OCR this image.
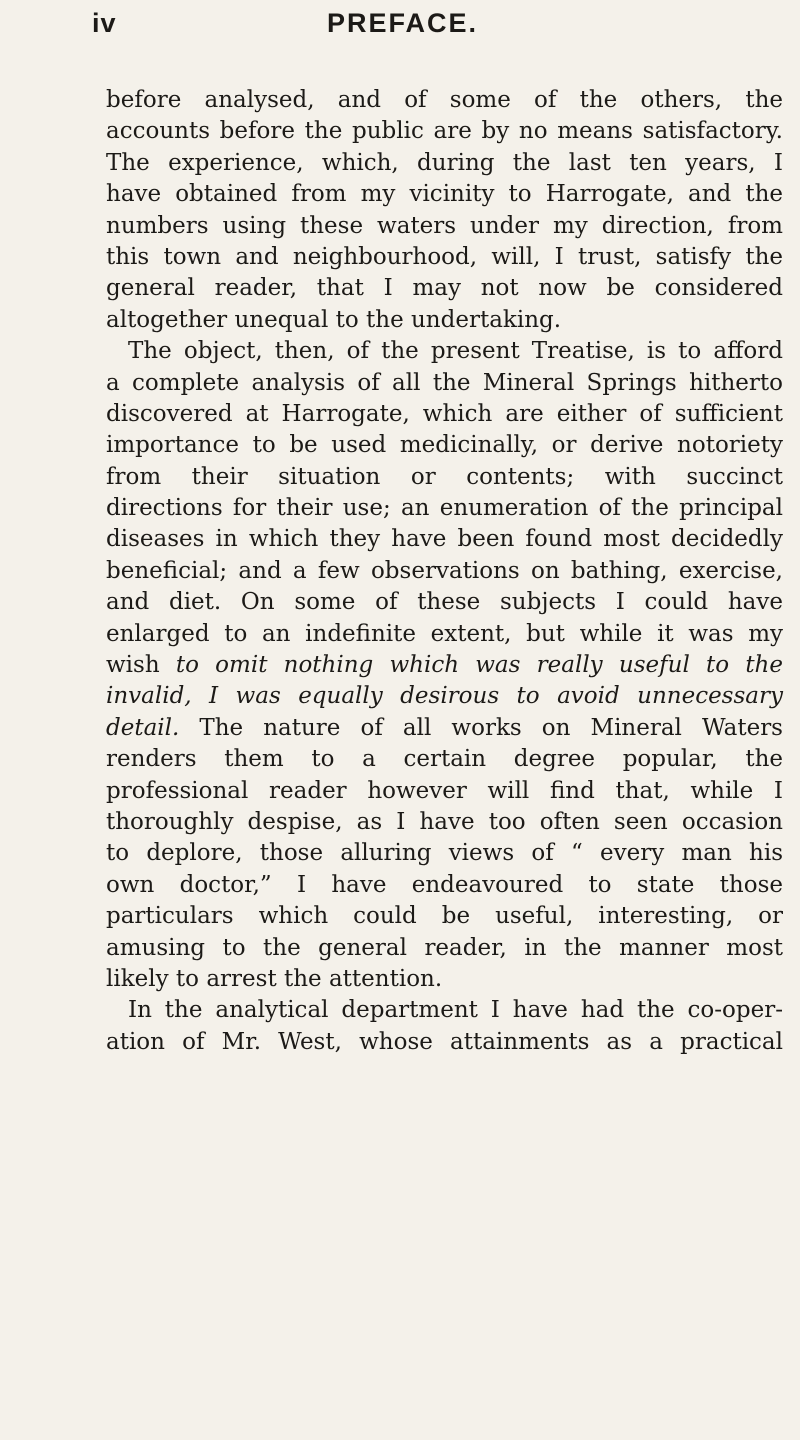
iv	PREFACE.
before analysed, and of some of the others, the
accounts before the public are by no means satisfactory.
The experience, which, during the last ten years, I
have obtained from my vicinity to Harrogate, and the
numbers using these waters under my direction, from
this town and neighbourhood, will, I trust, satisfy the
general reader, that I may not now be considered
altogether unequal to the undertaking.
The object, then, of the present Treatise, is to afford
a complete analysis of all the Mineral Springs hitherto
discovered at Harrogate, which are either of sufficient
importance to be used medicinally, or derive notoriety
from their situation or contents; with succinct
directions for their use; an enumeration of the principal
diseases in which they have been found most decidedly
beneficial; and a few observations on bathing, exercise,
and diet. On some of these subjects I could have
enlarged to an indefinite extent, but while it was my
wish to omit nothing which was really useful to the
invalid, I was equally desirous to avoid unnecessary
detail. The nature of all works on Mineral Waters
renders them to a certain degree popular, the
professional reader however will find that, while I
thoroughly despise, as I have too often seen occasion
to deplore, those alluring views of “ every man his
own doctor,” I have endeavoured to state those
particulars which could be useful, interesting, or
amusing to the general reader, in the manner most
likely to arrest the attention.
In the analytical department I have had the co-oper-
ation of Mr. West, whose attainments as a practical
